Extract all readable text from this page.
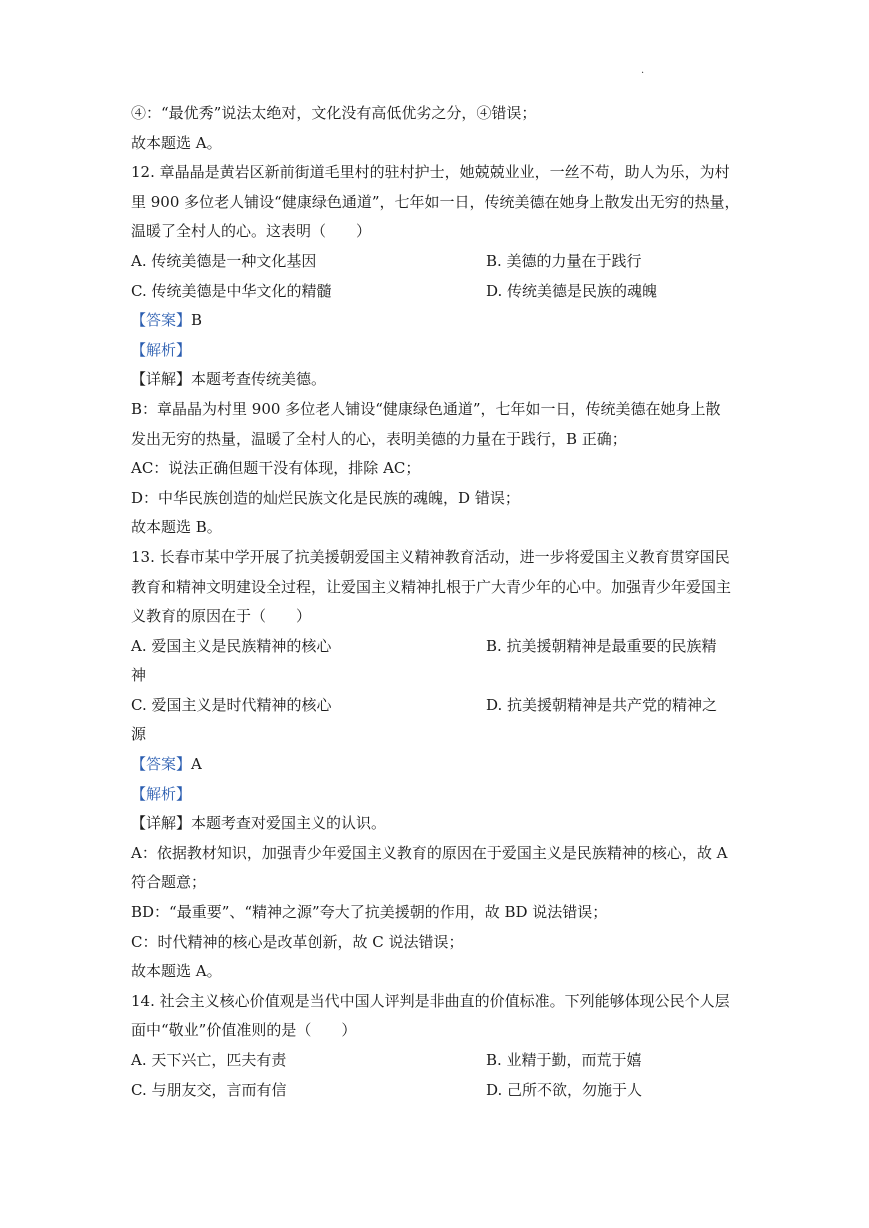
·
④：“最优秀”说法太绝对，文化没有高低优劣之分，④错误；
故本题选 A。
12. 章晶晶是黄岩区新前街道毛里村的驻村护士，她兢兢业业，一丝不苟，助人为乐，为村
里 900 多位老人铺设“健康绿色通道”，七年如一日，传统美德在她身上散发出无穷的热量，
温暖了全村人的心。这表明（　　）
A. 传统美德是一种文化基因	B. 美德的力量在于践行
C. 传统美德是中华文化的精髓	D. 传统美德是民族的魂魄
【答案】B
【解析】
【详解】本题考查传统美德。
B：章晶晶为村里 900 多位老人铺设“健康绿色通道”，七年如一日，传统美德在她身上散
发出无穷的热量，温暖了全村人的心，表明美德的力量在于践行，B 正确；
AC：说法正确但题干没有体现，排除 AC；
D：中华民族创造的灿烂民族文化是民族的魂魄，D 错误；
故本题选 B。
13. 长春市某中学开展了抗美援朝爱国主义精神教育活动，进一步将爱国主义教育贯穿国民
教育和精神文明建设全过程，让爱国主义精神扎根于广大青少年的心中。加强青少年爱国主
义教育的原因在于（　　）
A. 爱国主义是民族精神的核心	B. 抗美援朝精神是最重要的民族精
神
C. 爱国主义是时代精神的核心	D. 抗美援朝精神是共产党的精神之
源
【答案】A
【解析】
【详解】本题考查对爱国主义的认识。
A：依据教材知识，加强青少年爱国主义教育的原因在于爱国主义是民族精神的核心，故 A
符合题意；
BD：“最重要”、“精神之源”夸大了抗美援朝的作用，故 BD 说法错误；
C：时代精神的核心是改革创新，故 C 说法错误；
故本题选 A。
14. 社会主义核心价值观是当代中国人评判是非曲直的价值标准。下列能够体现公民个人层
面中“敬业”价值准则的是（　　）
A. 天下兴亡，匹夫有责	B. 业精于勤，而荒于嬉
C. 与朋友交，言而有信	D. 己所不欲，勿施于人
